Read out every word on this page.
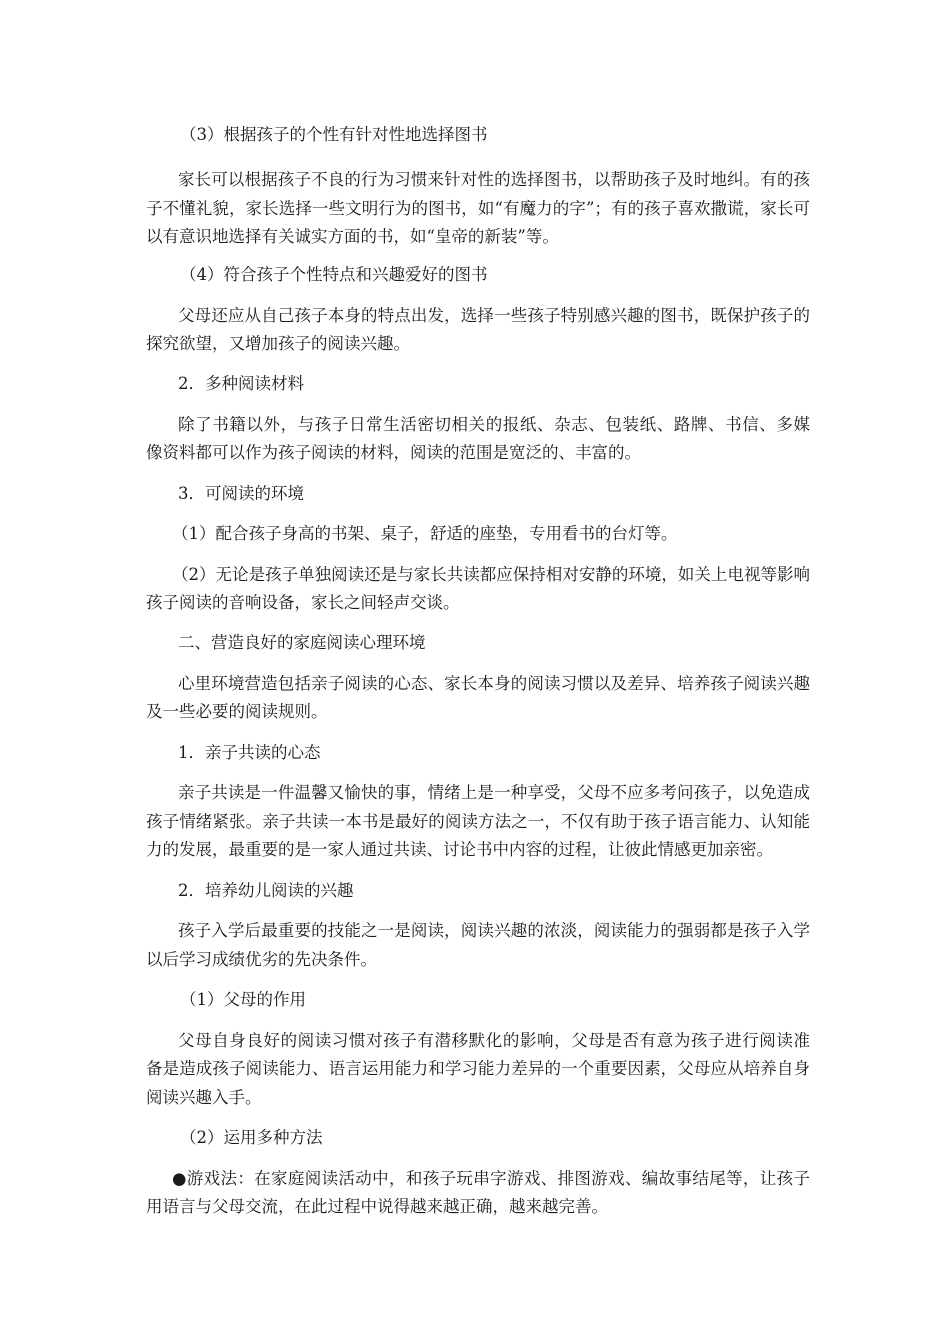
（3）根据孩子的个性有针对性地选择图书
家长可以根据孩子不良的行为习惯来针对性的选择图书，以帮助孩子及时地纠。有的孩
子不懂礼貌，家长选择一些文明行为的图书，如“有魔力的字”；有的孩子喜欢撒谎，家长可
以有意识地选择有关诚实方面的书，如“皇帝的新装”等。
（4）符合孩子个性特点和兴趣爱好的图书
父母还应从自己孩子本身的特点出发，选择一些孩子特别感兴趣的图书，既保护孩子的
探究欲望，又增加孩子的阅读兴趣。
2．多种阅读材料
除了书籍以外，与孩子日常生活密切相关的报纸、杂志、包装纸、路牌、书信、多媒
像资料都可以作为孩子阅读的材料，阅读的范围是宽泛的、丰富的。
3．可阅读的环境
（1）配合孩子身高的书架、桌子，舒适的座垫，专用看书的台灯等。
（2）无论是孩子单独阅读还是与家长共读都应保持相对安静的环境，如关上电视等影响
孩子阅读的音响设备，家长之间轻声交谈。
二、营造良好的家庭阅读心理环境
心里环境营造包括亲子阅读的心态、家长本身的阅读习惯以及差异、培养孩子阅读兴趣
及一些必要的阅读规则。
1．亲子共读的心态
亲子共读是一件温馨又愉快的事，情绪上是一种享受，父母不应多考问孩子，以免造成
孩子情绪紧张。亲子共读一本书是最好的阅读方法之一，不仅有助于孩子语言能力、认知能
力的发展，最重要的是一家人通过共读、讨论书中内容的过程，让彼此情感更加亲密。
2．培养幼儿阅读的兴趣
孩子入学后最重要的技能之一是阅读，阅读兴趣的浓淡，阅读能力的强弱都是孩子入学
以后学习成绩优劣的先决条件。
（1）父母的作用
父母自身良好的阅读习惯对孩子有潜移默化的影响，父母是否有意为孩子进行阅读准
备是造成孩子阅读能力、语言运用能力和学习能力差异的一个重要因素，父母应从培养自身
阅读兴趣入手。
（2）运用多种方法
●游戏法：在家庭阅读活动中，和孩子玩串字游戏、排图游戏、编故事结尾等，让孩子
用语言与父母交流，在此过程中说得越来越正确，越来越完善。
